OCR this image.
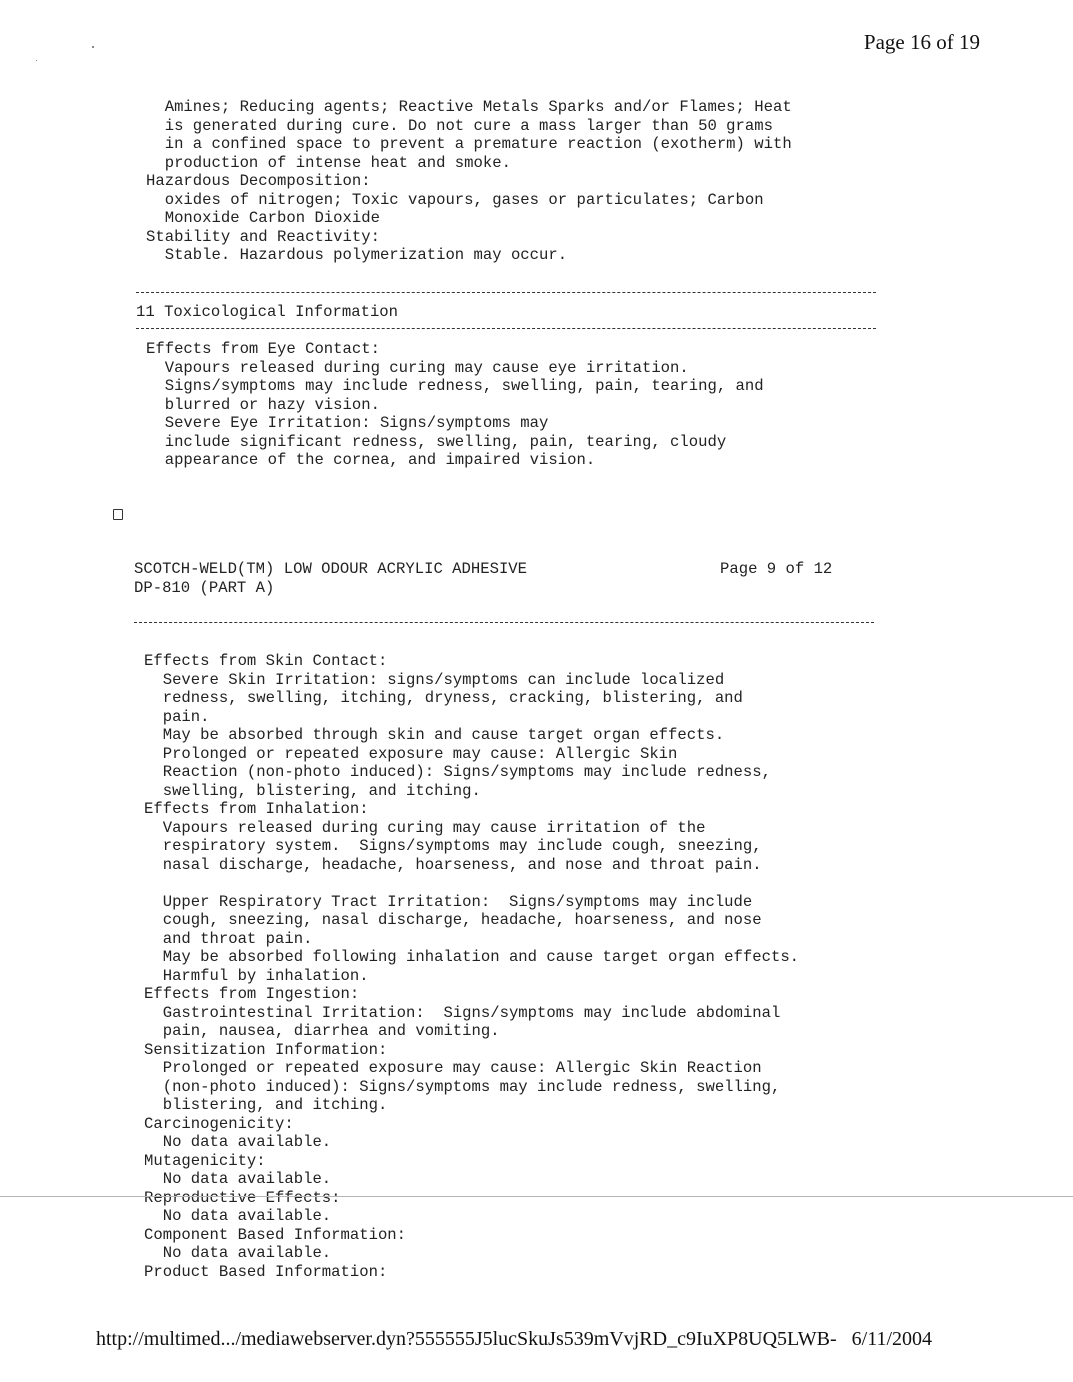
Page 16 of 19
Amines; Reducing agents; Reactive Metals Sparks and/or Flames; Heat
is generated during cure. Do not cure a mass larger than 50 grams
in a confined space to prevent a premature reaction (exotherm) with
production of intense heat and smoke.
Hazardous Decomposition:
oxides of nitrogen; Toxic vapours, gases or particulates; Carbon
Monoxide Carbon Dioxide
Stability and Reactivity:
Stable. Hazardous polymerization may occur.
11 Toxicological Information
Effects from Eye Contact:
Vapours released during curing may cause eye irritation.
Signs/symptoms may include redness, swelling, pain, tearing, and
blurred or hazy vision.
Severe Eye Irritation: Signs/symptoms may
include significant redness, swelling, pain, tearing, cloudy
appearance of the cornea, and impaired vision.
SCOTCH-WELD(TM) LOW ODOUR ACRYLIC ADHESIVE	Page 9 of 12
DP-810 (PART A)
Effects from Skin Contact:
Severe Skin Irritation: signs/symptoms can include localized
redness, swelling, itching, dryness, cracking, blistering, and
pain.
May be absorbed through skin and cause target organ effects.
Prolonged or repeated exposure may cause: Allergic Skin
Reaction (non-photo induced): Signs/symptoms may include redness,
swelling, blistering, and itching.
Effects from Inhalation:
Vapours released during curing may cause irritation of the
respiratory system.  Signs/symptoms may include cough, sneezing,
nasal discharge, headache, hoarseness, and nose and throat pain.
Upper Respiratory Tract Irritation:  Signs/symptoms may include
cough, sneezing, nasal discharge, headache, hoarseness, and nose
and throat pain.
May be absorbed following inhalation and cause target organ effects.
Harmful by inhalation.
Effects from Ingestion:
Gastrointestinal Irritation:  Signs/symptoms may include abdominal
pain, nausea, diarrhea and vomiting.
Sensitization Information:
Prolonged or repeated exposure may cause: Allergic Skin Reaction
(non-photo induced): Signs/symptoms may include redness, swelling,
blistering, and itching.
Carcinogenicity:
No data available.
Mutagenicity:
No data available.
Reproductive Effects:
No data available.
Component Based Information:
No data available.
Product Based Information:
http://multimed.../mediawebserver.dyn?555555J5lucSkuJs539mVvjRD_c9IuXP8UQ5LWB- 6/11/2004
